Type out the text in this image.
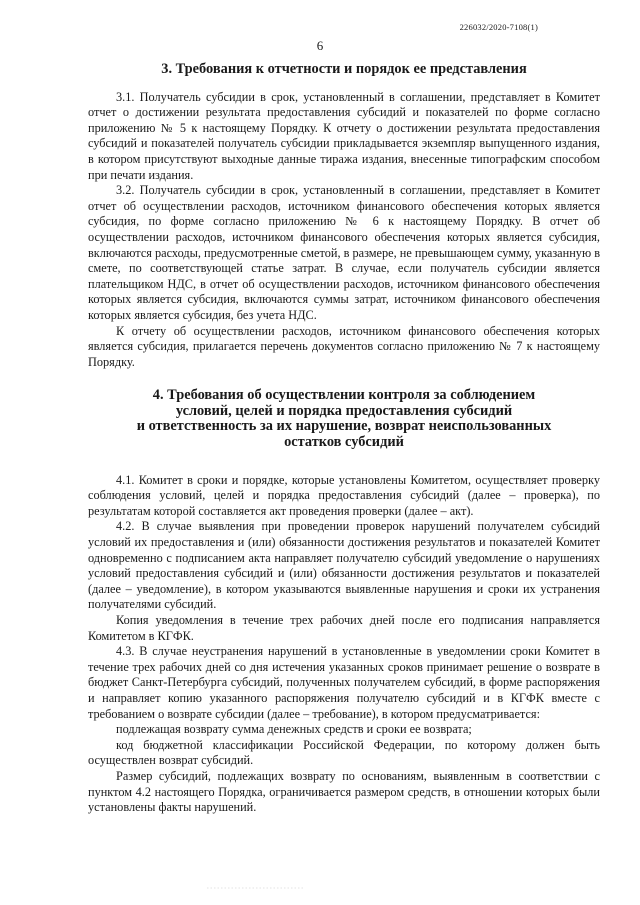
226032/2020-7108(1)
6
3. Требования к отчетности и порядок ее представления

3.1. Получатель субсидии в срок, установленный в соглашении, представляет в Комитет отчет о достижении результата предоставления субсидий и показателей по форме согласно приложению № 5 к настоящему Порядку. К отчету о достижении результата предоставления субсидий и показателей получатель субсидии прикладывается экземпляр выпущенного издания, в котором присутствуют выходные данные тиража издания, внесенные типографским способом при печати издания.

3.2. Получатель субсидии в срок, установленный в соглашении, представляет в Комитет отчет об осуществлении расходов, источником финансового обеспечения которых является субсидия, по форме согласно приложению № 6 к настоящему Порядку. В отчет об осуществлении расходов, источником финансового обеспечения которых является субсидия, включаются расходы, предусмотренные сметой, в размере, не превышающем сумму, указанную в смете, по соответствующей статье затрат. В случае, если получатель субсидии является плательщиком НДС, в отчет об осуществлении расходов, источником финансового обеспечения которых является субсидия, включаются суммы затрат, источником финансового обеспечения которых является субсидия, без учета НДС.

К отчету об осуществлении расходов, источником финансового обеспечения которых является субсидия, прилагается перечень документов согласно приложению № 7 к настоящему Порядку.

4. Требования об осуществлении контроля за соблюдением
условий, целей и порядка предоставления субсидий
и ответственность за их нарушение, возврат неиспользованных
остатков субсидий

4.1. Комитет в сроки и порядке, которые установлены Комитетом, осуществляет проверку соблюдения условий, целей и порядка предоставления субсидий (далее – проверка), по результатам которой составляется акт проведения проверки (далее – акт).

4.2. В случае выявления при проведении проверок нарушений получателем субсидий условий их предоставления и (или) обязанности достижения результатов и показателей Комитет одновременно с подписанием акта направляет получателю субсидий уведомление о нарушениях условий предоставления субсидий и (или) обязанности достижения результатов и показателей (далее – уведомление), в котором указываются выявленные нарушения и сроки их устранения получателями субсидий.

Копия уведомления в течение трех рабочих дней после его подписания направляется Комитетом в КГФК.

4.3. В случае неустранения нарушений в установленные в уведомлении сроки Комитет в течение трех рабочих дней со дня истечения указанных сроков принимает решение о возврате в бюджет Санкт-Петербурга субсидий, полученных получателем субсидий, в форме распоряжения и направляет копию указанного распоряжения получателю субсидий и в КГФК вместе с требованием о возврате субсидии (далее – требование), в котором предусматривается:

подлежащая возврату сумма денежных средств и сроки ее возврата;

код бюджетной классификации Российской Федерации, по которому должен быть осуществлен возврат субсидий.

Размер субсидий, подлежащих возврату по основаниям, выявленным в соответствии с пунктом 4.2 настоящего Порядка, ограничивается размером средств, в отношении которых были установлены факты нарушений.
